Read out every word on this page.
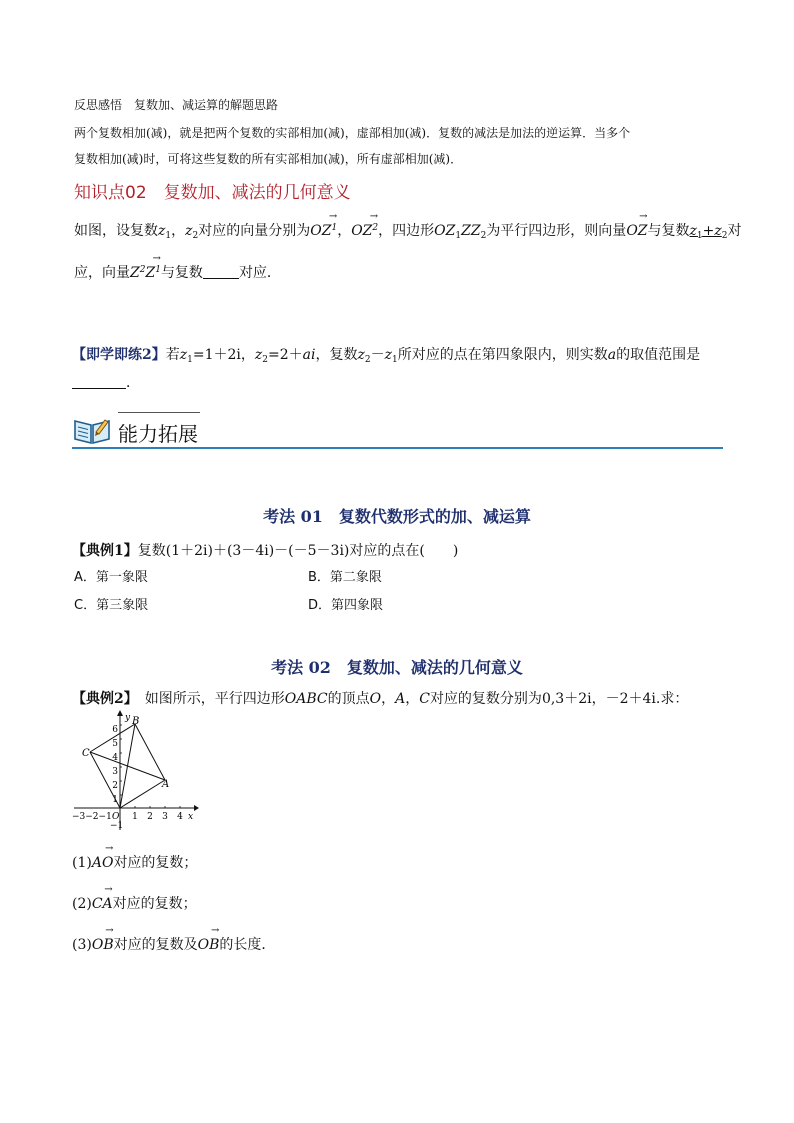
反思感悟　复数加、减运算的解题思路
两个复数相加(减)，就是把两个复数的实部相加(减)，虚部相加(减)．复数的减法是加法的逆运算．当多个
复数相加(减)时，可将这些复数的所有实部相加(减)，所有虚部相加(减)．
知识点02　复数加、减法的几何意义
如图，设复数$z_1$，$z_2$对应的向量分别为→ $OZ^1$，→ $OZ^2$，四边形$OZ_1ZZ_2$为平行四边形，则向量→ OZ与复数$z_1+z_2$对
应，向量→ $Z^2Z^1$与复数	对应．
【即学即练2】若$z_1=1+2i$，$z_2=2+ai$，复数$z_2-z_1$所对应的点在第四象限内，则实数a的取值范围是
．
能力拓展
考法 01　复数代数形式的加、减运算
【典例1】复数(1＋2i)＋(3－4i)－(－5－3i)对应的点在(　　)
A．第一象限	B．第二象限
C．第三象限	D．第四象限
考法 02　复数加、减法的几何意义
【典例2】　如图所示，平行四边形OABC的顶点O，A，C对应的复数分别为0,3＋2i，－2＋4i.求：
6
5
4
3
2
1
y
−3−2−1 O 1 2 3 4 x
−1
B
C
A
(1)→ AO对应的复数；
(2)→ CA对应的复数；
(3)→ OB对应的复数及→ OB的长度．
